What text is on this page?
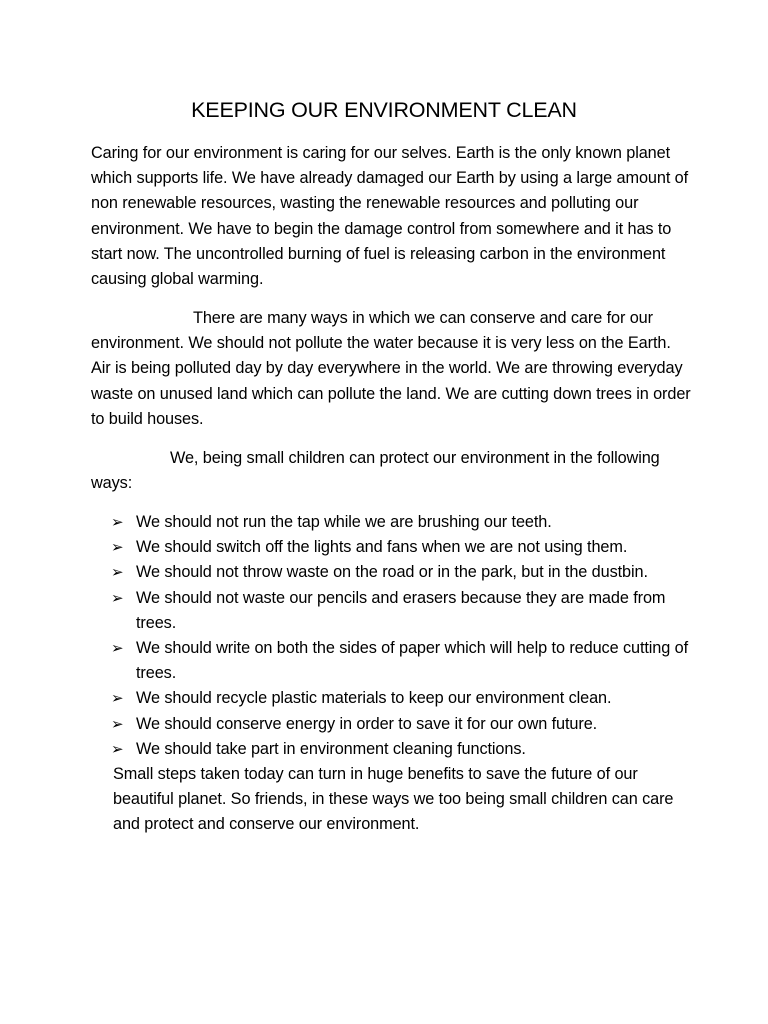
KEEPING OUR ENVIRONMENT CLEAN

Caring for our environment is caring for our selves. Earth is the only known planet which supports life. We have already damaged our Earth by using a large amount of non renewable resources, wasting the renewable resources and polluting our environment. We have to begin the damage control from somewhere and it has to start now. The uncontrolled burning of fuel is releasing carbon in the environment causing global warming.

There are many ways in which we can conserve and care for our environment. We should not pollute the water because it is very less on the Earth. Air is being polluted day by day everywhere in the world. We are throwing everyday waste on unused land which can pollute the land. We are cutting down trees in order to build houses.

We, being small children can protect our environment in the following ways:

➢ We should not run the tap while we are brushing our teeth.
➢ We should switch off the lights and fans when we are not using them.
➢ We should not throw waste on the road or in the park, but in the dustbin.
➢ We should not waste our pencils and erasers because they are made from trees.
➢ We should write on both the sides of paper which will help to reduce cutting of trees.
➢ We should recycle plastic materials to keep our environment clean.
➢ We should conserve energy in order to save it for our own future.
➢ We should take part in environment cleaning functions.

Small steps taken today can turn in huge benefits to save the future of our beautiful planet. So friends, in these ways we too being small children can care and protect and conserve our environment.
